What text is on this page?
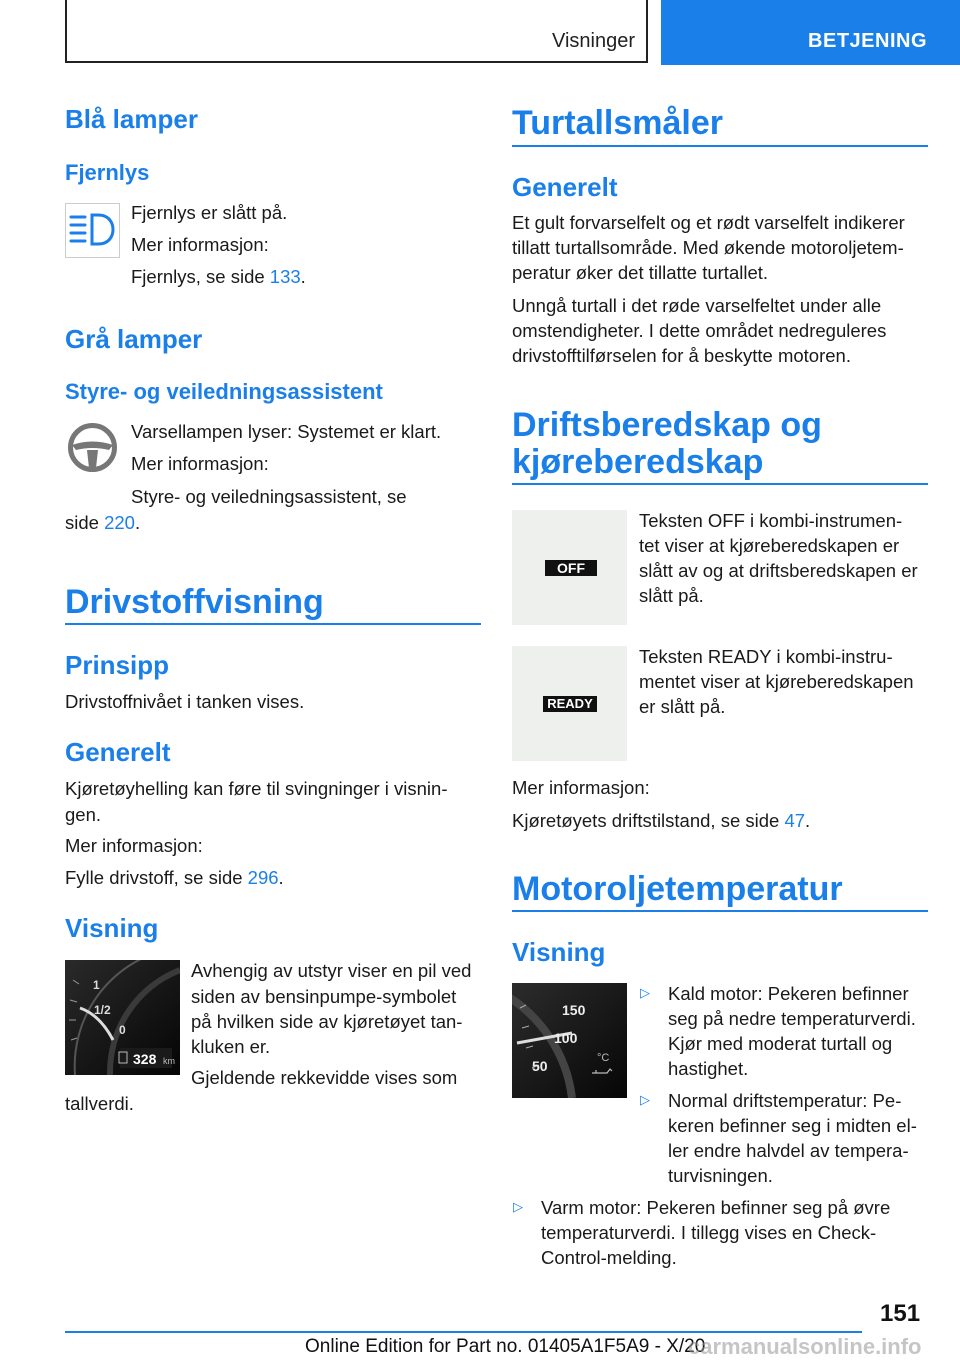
Visninger	BETJENING
Blå lamper
Fjernlys
Fjernlys er slått på.
Mer informasjon:
Fjernlys, se side 133.
Grå lamper
Styre- og veiledningsassistent
Varsellampen lyser: Systemet er klart.
Mer informasjon:
Styre- og veiledningsassistent, se
side 220.
Drivstoffvisning
Prinsipp
Drivstoffnivået i tanken vises.
Generelt
Kjøretøyhelling kan føre til svingninger i visnin-
gen.
Mer informasjon:
Fylle drivstoff, se side 296.
Visning
1
1/2
0
328 km
Avhengig av utstyr viser en pil ved
siden av bensinpumpe-symbolet
på hvilken side av kjøretøyet tan-
kluken er.
Gjeldende rekkevidde vises som
tallverdi.
Turtallsmåler
Generelt
Et gult forvarselfelt og et rødt varselfelt indikerer
tillatt turtallsområde. Med økende motoroljetem-
peratur øker det tillatte turtallet.
Unngå turtall i det røde varselfeltet under alle
omstendigheter. I dette området nedreguleres
drivstofftilførselen for å beskytte motoren.
Driftsberedskap og
kjøreberedskap
OFF
Teksten OFF i kombi-instrumen-
tet viser at kjøreberedskapen er
slått av og at driftsberedskapen er
slått på.
READY
Teksten READY i kombi-instru-
mentet viser at kjøreberedskapen
er slått på.
Mer informasjon:
Kjøretøyets driftstilstand, se side 47.
Motoroljetemperatur
Visning
150
100
50	°C
▷ Kald motor: Pekeren befinner
seg på nedre temperaturverdi.
Kjør med moderat turtall og
hastighet.
▷ Normal driftstemperatur: Pe-
keren befinner seg i midten el-
ler endre halvdel av tempera-
turvisningen.
▷ Varm motor: Pekeren befinner seg på øvre
temperaturverdi. I tillegg vises en Check-
Control-melding.
151
Online Edition for Part no. 01405A1F5A9 - X/20
carmanualsonline.info
